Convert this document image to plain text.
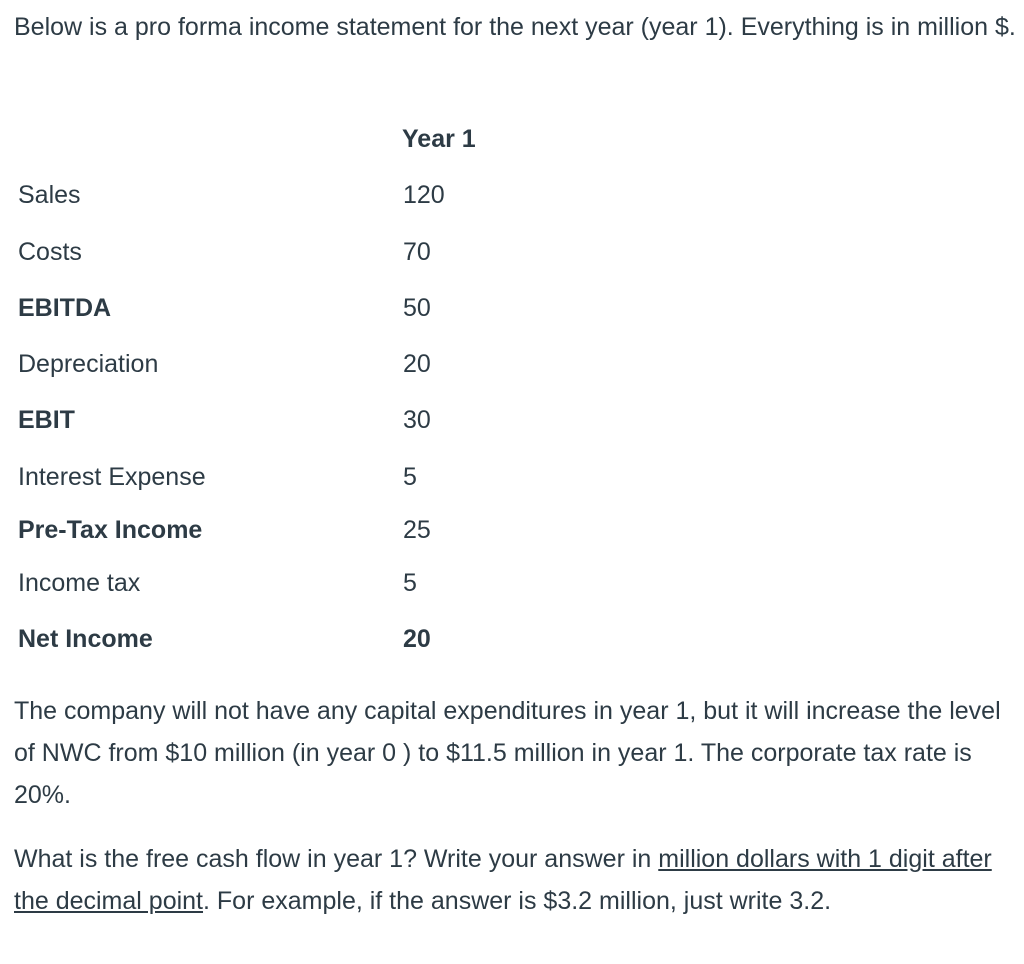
Below is a pro forma income statement for the next year (year 1). Everything is in million $.

Year 1
Sales	120
Costs	70
EBITDA	50
Depreciation	20
EBIT	30
Interest Expense	5
Pre-Tax Income	25
Income tax	5
Net Income	20

The company will not have any capital expenditures in year 1, but it will increase the level of NWC from $10 million (in year 0 ) to $11.5 million in year 1. The corporate tax rate is 20%.

What is the free cash flow in year 1? Write your answer in million dollars with 1 digit after the decimal point. For example, if the answer is $3.2 million, just write 3.2.
